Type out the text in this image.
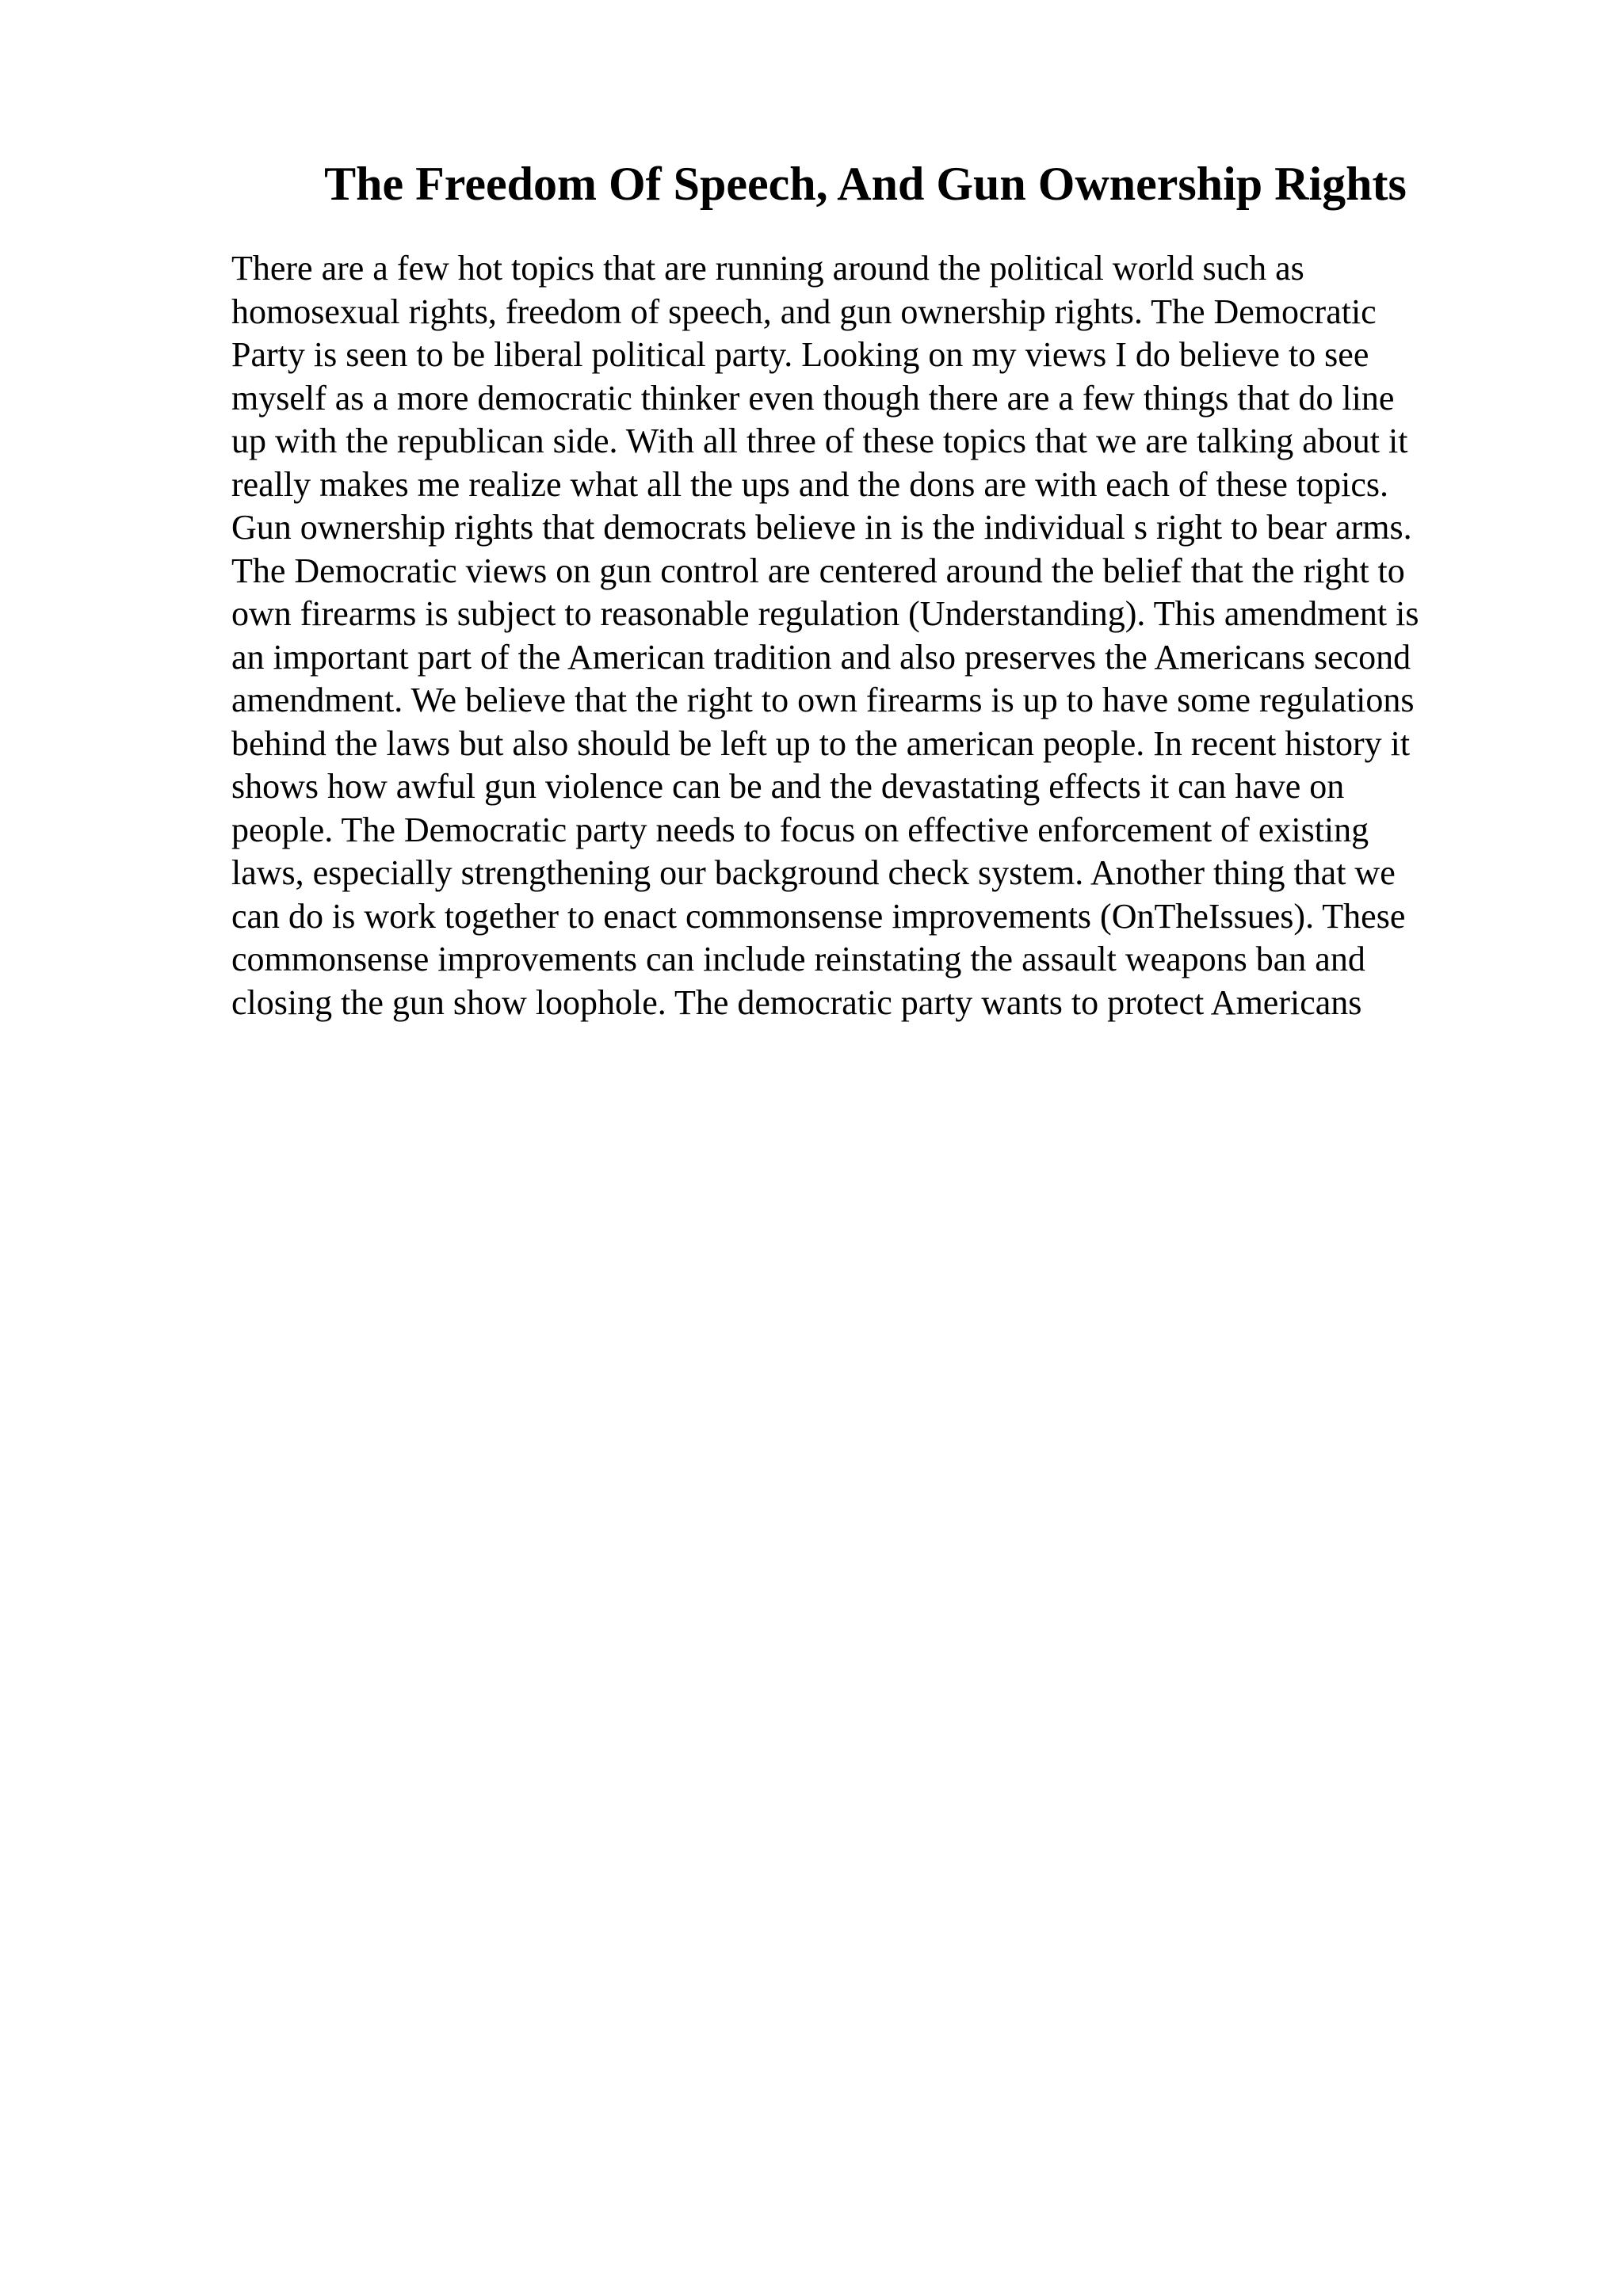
The Freedom Of Speech, And Gun Ownership Rights
There are a few hot topics that are running around the political world such as
homosexual rights, freedom of speech, and gun ownership rights. The Democratic
Party is seen to be liberal political party. Looking on my views I do believe to see
myself as a more democratic thinker even though there are a few things that do line
up with the republican side. With all three of these topics that we are talking about it
really makes me realize what all the ups and the dons are with each of these topics.
Gun ownership rights that democrats believe in is the individual s right to bear arms.
The Democratic views on gun control are centered around the belief that the right to
own firearms is subject to reasonable regulation (Understanding). This amendment is
an important part of the American tradition and also preserves the Americans second
amendment. We believe that the right to own firearms is up to have some regulations
behind the laws but also should be left up to the american people. In recent history it
shows how awful gun violence can be and the devastating effects it can have on
people. The Democratic party needs to focus on effective enforcement of existing
laws, especially strengthening our background check system. Another thing that we
can do is work together to enact commonsense improvements (OnTheIssues). These
commonsense improvements can include reinstating the assault weapons ban and
closing the gun show loophole. The democratic party wants to protect Americans
